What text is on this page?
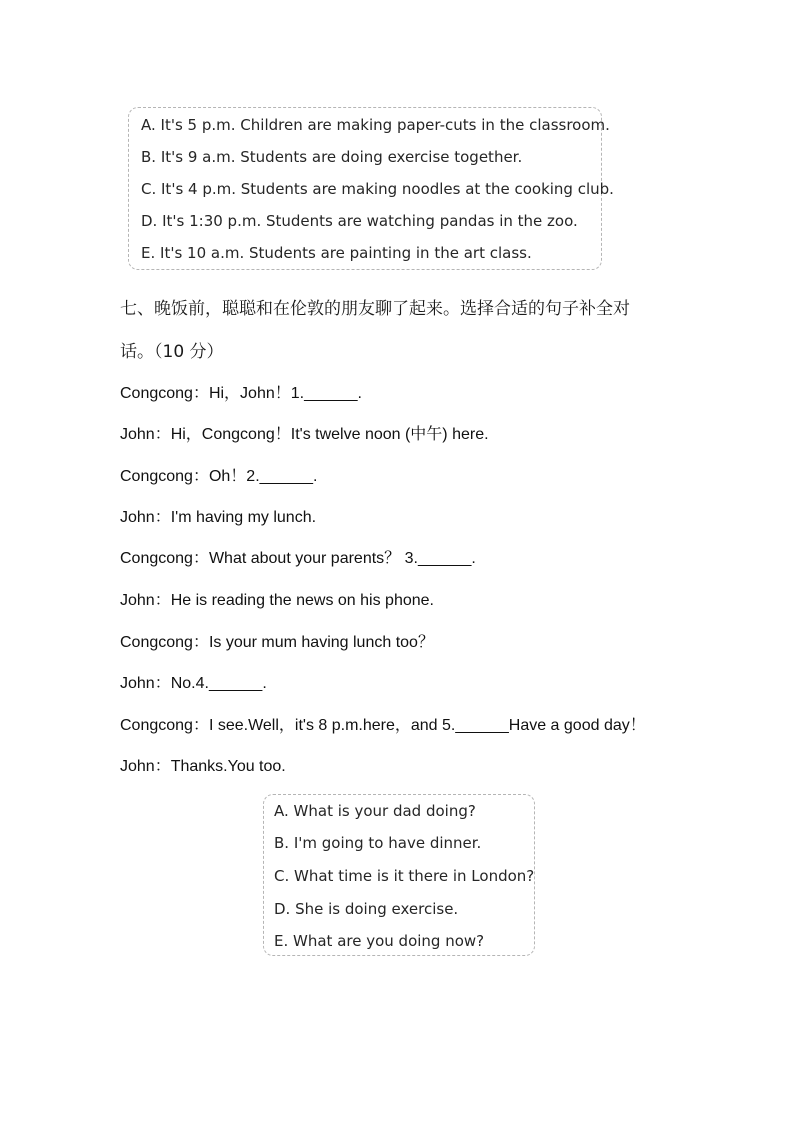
A. It's 5 p.m. Children are making paper-cuts in the classroom.
B. It's 9 a.m. Students are doing exercise together.
C. It's 4 p.m. Students are making noodles at the cooking club.
D. It's 1:30 p.m. Students are watching pandas in the zoo.
E. It's 10 a.m. Students are painting in the art class.
七、晚饭前，聪聪和在伦敦的朋友聊了起来。选择合适的句子补全对
话。（10 分）
Congcong：Hi，John！1.______.
John：Hi，Congcong！It's twelve noon (中午) here.
Congcong：Oh！2.______.
John：I'm having my lunch.
Congcong：What about your parents？ 3.______.
John：He is reading the news on his phone.
Congcong：Is your mum having lunch too？
John：No.4.______.
Congcong：I see.Well，it's 8 p.m.here，and 5.______Have a good day！
John：Thanks.You too.
A. What is your dad doing?
B. I'm going to have dinner.
C. What time is it there in London?
D. She is doing exercise.
E. What are you doing now?
